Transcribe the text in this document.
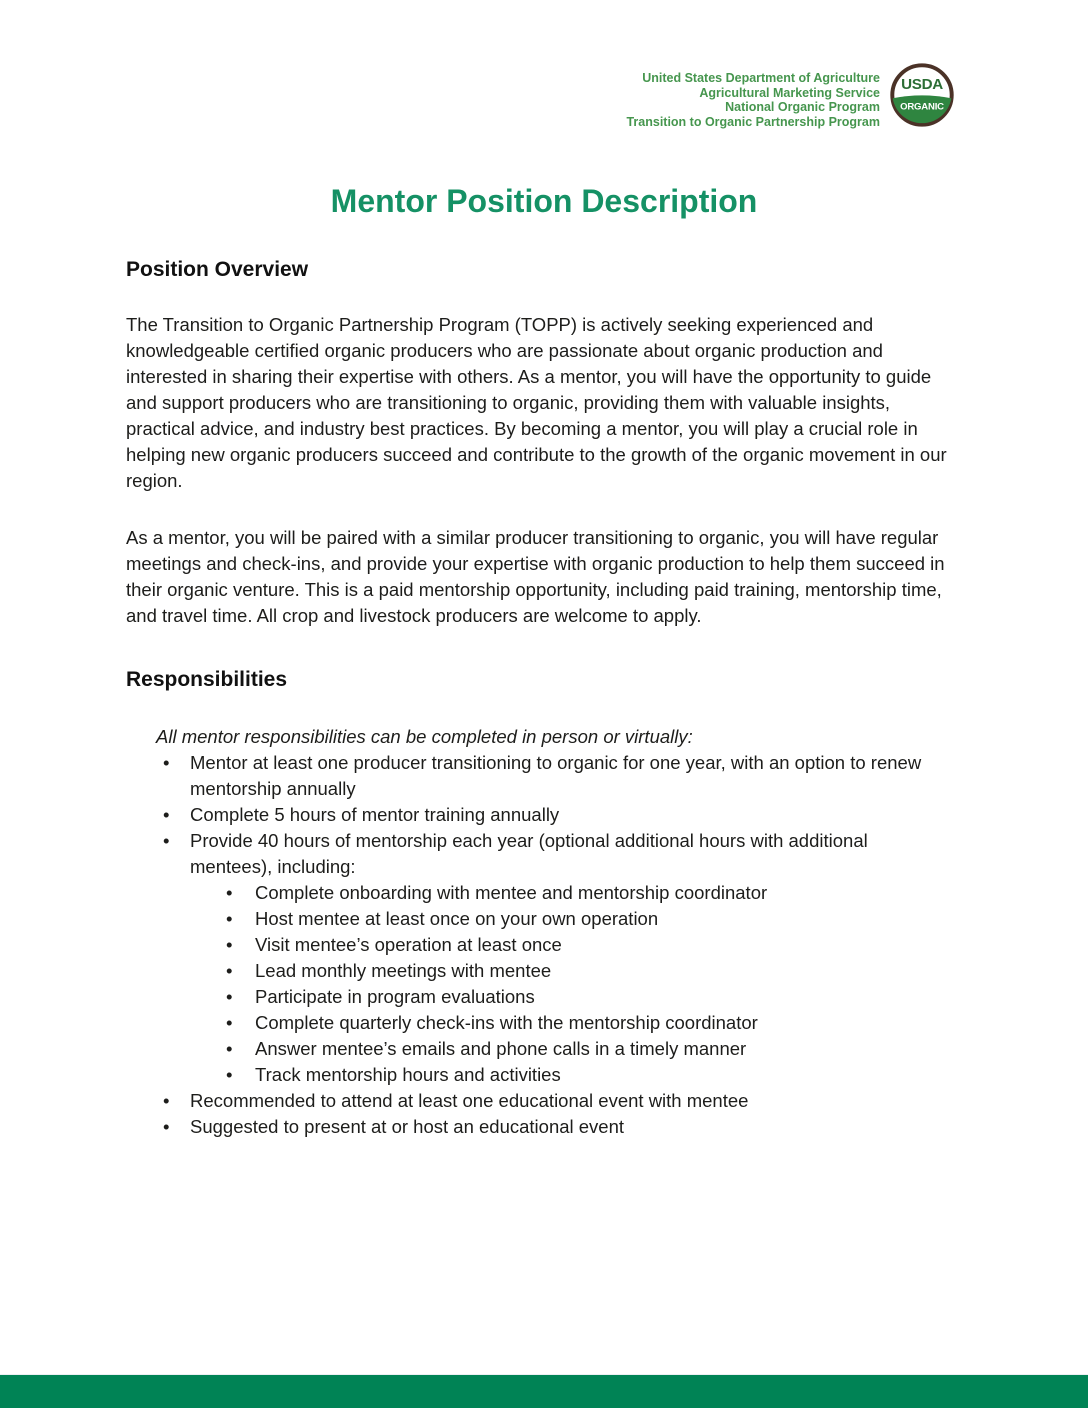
United States Department of Agriculture
Agricultural Marketing Service
National Organic Program
Transition to Organic Partnership Program
USDA
ORGANIC
Mentor Position Description
Position Overview

The Transition to Organic Partnership Program (TOPP) is actively seeking experienced and knowledgeable certified organic producers who are passionate about organic production and interested in sharing their expertise with others. As a mentor, you will have the opportunity to guide and support producers who are transitioning to organic, providing them with valuable insights, practical advice, and industry best practices. By becoming a mentor, you will play a crucial role in helping new organic producers succeed and contribute to the growth of the organic movement in our region.

As a mentor, you will be paired with a similar producer transitioning to organic, you will have regular meetings and check-ins, and provide your expertise with organic production to help them succeed in their organic venture. This is a paid mentorship opportunity, including paid training, mentorship time, and travel time. All crop and livestock producers are welcome to apply.

Responsibilities

All mentor responsibilities can be completed in person or virtually:

• Mentor at least one producer transitioning to organic for one year, with an option to renew mentorship annually
• Complete 5 hours of mentor training annually
• Provide 40 hours of mentorship each year (optional additional hours with additional mentees), including:
• Complete onboarding with mentee and mentorship coordinator
• Host mentee at least once on your own operation
• Visit mentee’s operation at least once
• Lead monthly meetings with mentee
• Participate in program evaluations
• Complete quarterly check-ins with the mentorship coordinator
• Answer mentee’s emails and phone calls in a timely manner
• Track mentorship hours and activities
• Recommended to attend at least one educational event with mentee
• Suggested to present at or host an educational event
